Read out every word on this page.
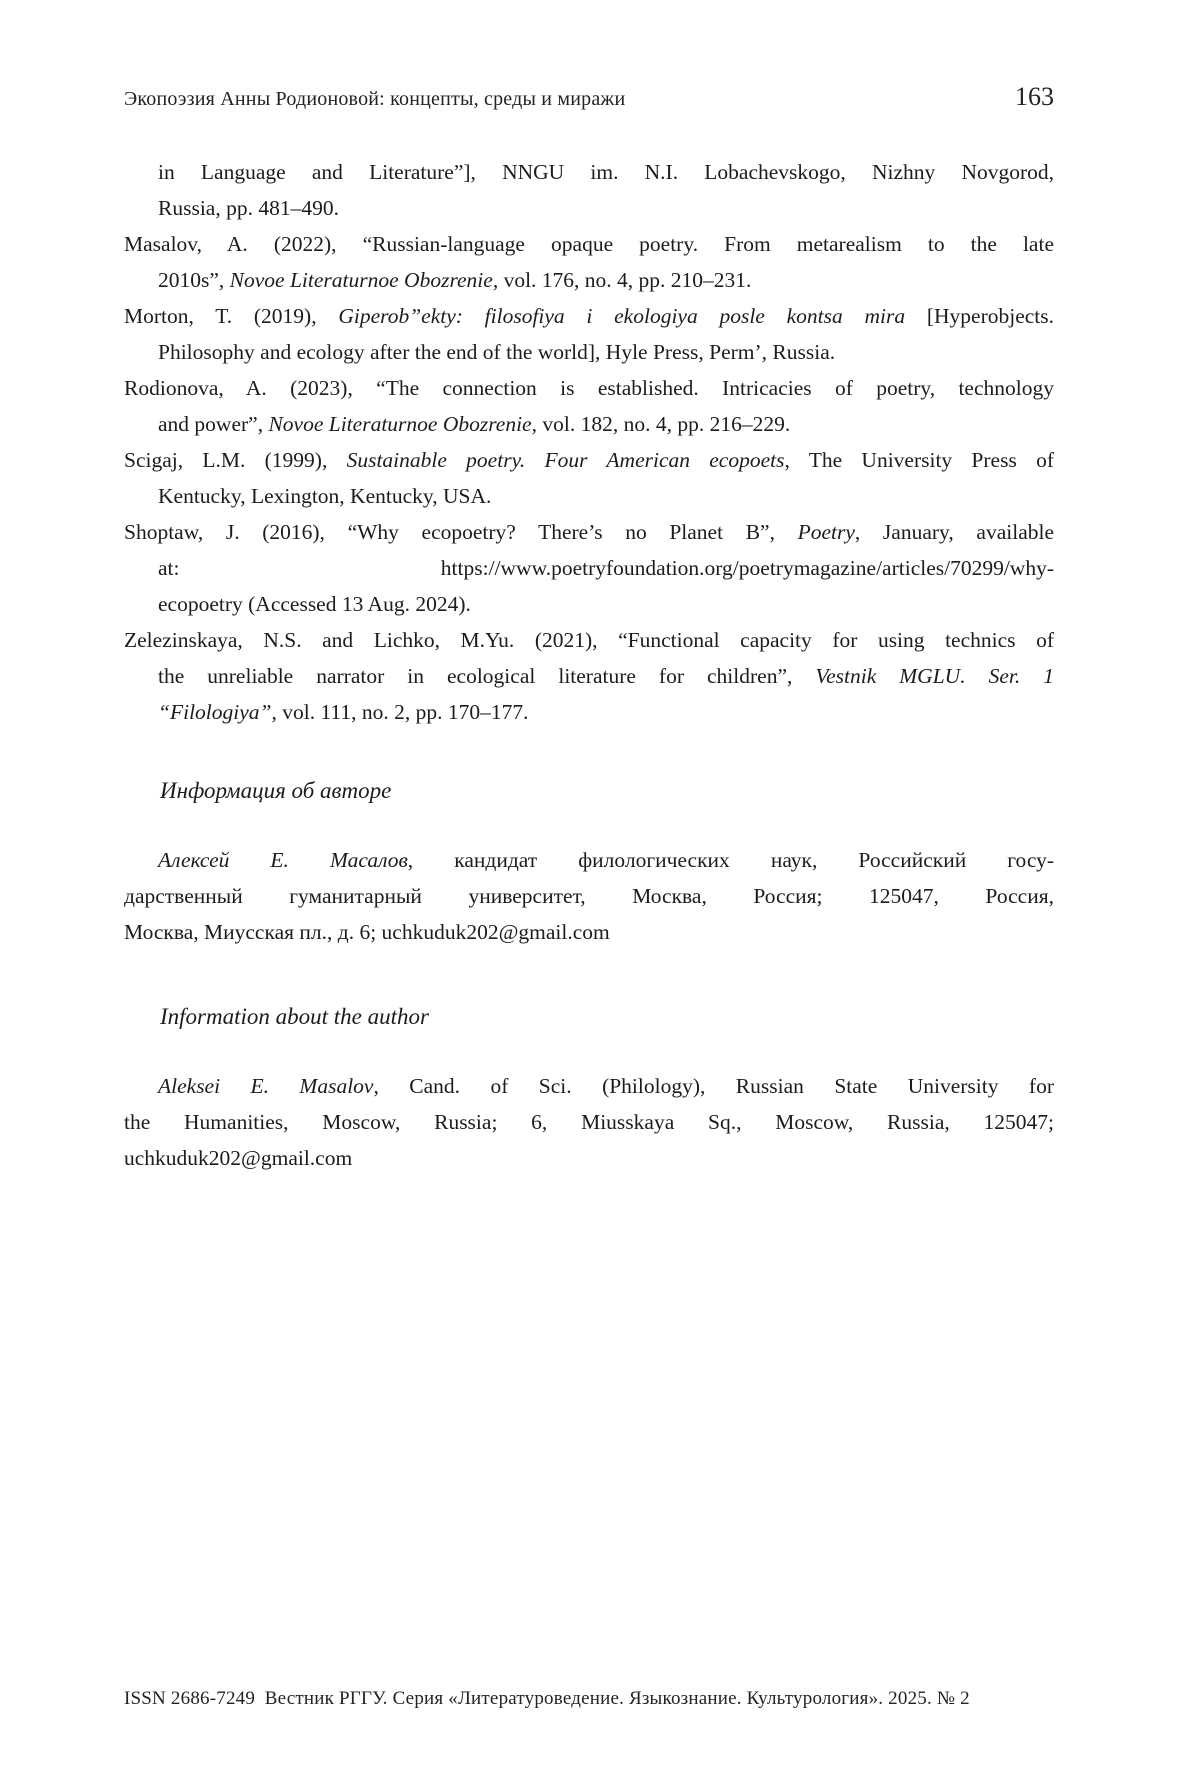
Экопоэзия Анны Родионовой: концепты, среды и миражи	163
in Language and Literature”], NNGU im. N.I. Lobachevskogo, Nizhny Novgorod,
Russia, pp. 481–490.
Masalov, A. (2022), “Russian-language opaque poetry. From metarealism to the late
2010s”, Novoe Literaturnoe Obozrenie, vol. 176, no. 4, pp. 210–231.
Morton, T. (2019), Giperob”ekty: filosofiya i ekologiya posle kontsa mira [Hyperobjects.
Philosophy and ecology after the end of the world], Hyle Press, Perm’, Russia.
Rodionova, A. (2023), “The connection is established. Intricacies of poetry, technology
and power”, Novoe Literaturnoe Obozrenie, vol. 182, no. 4, pp. 216–229.
Scigaj, L.M. (1999), Sustainable poetry. Four American ecopoets, The University Press of
Kentucky, Lexington, Kentucky, USA.
Shoptaw, J. (2016), “Why ecopoetry? There’s no Planet B”, Poetry, January, available
at: https://www.poetryfoundation.org/poetrymagazine/articles/70299/why-
ecopoetry (Accessed 13 Aug. 2024).
Zelezinskaya, N.S. and Lichko, M.Yu. (2021), “Functional capacity for using technics of
the unreliable narrator in ecological literature for children”, Vestnik MGLU. Ser. 1
“Filologiya”, vol. 111, no. 2, pp. 170–177.
Информация об авторе
Алексей Е. Масалов, кандидат филологических наук, Российский госу-
дарственный гуманитарный университет, Москва, Россия; 125047, Россия,
Москва, Миусская пл., д. 6; uchkuduk202@gmail.com
Information about the author
Aleksei E. Masalov, Cand. of Sci. (Philology), Russian State University for
the Humanities, Moscow, Russia; 6, Miusskaya Sq., Moscow, Russia, 125047;
uchkuduk202@gmail.com
ISSN 2686-7249 Вестник РГГУ. Серия «Литературоведение. Языкознание. Культурология». 2025. № 2
